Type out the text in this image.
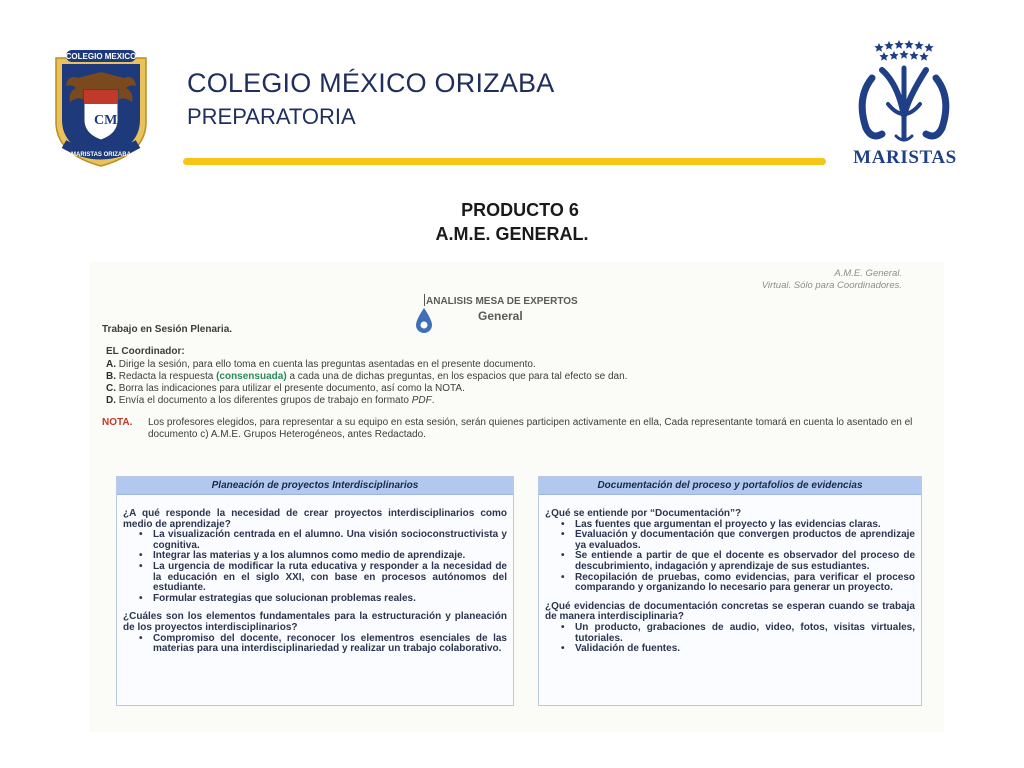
CM
COLEGIO MEXICO
MARISTAS ORIZABA
COLEGIO MÉXICO ORIZABA
PREPARATORIA
MARISTAS
PRODUCTO 6
A.M.E. GENERAL.
A.M.E. General.
Virtual. Sólo para Coordinadores.
ANALISIS MESA DE EXPERTOS
General
Trabajo en Sesión Plenaria.
EL Coordinador:
A. Dirige la sesión, para ello toma en cuenta las preguntas asentadas en el presente documento.
B. Redacta la respuesta (consensuada) a cada una de dichas preguntas, en los espacios que para tal efecto se dan.
C. Borra las indicaciones para utilizar el presente documento, así como la NOTA.
D. Envía el documento a los diferentes grupos de trabajo en formato PDF.
NOTA.	Los profesores elegidos, para representar a su equipo en esta sesión, serán quienes participen activamente en ella, Cada representante tomará en cuenta lo asentado en el documento c) A.M.E. Grupos Heterogéneos, antes Redactado.
Planeación de proyectos Interdisciplinarios
¿A qué responde la necesidad de crear proyectos interdisciplinarios como medio de aprendizaje?
• La visualización centrada en el alumno. Una visión socioconstructivista y cognitiva.
• Integrar las materias y a los alumnos como medio de aprendizaje.
• La urgencia de modificar la ruta educativa y responder a la necesidad de la educación en el siglo XXI, con base en procesos autónomos del estudiante.
• Formular estrategias que solucionan problemas reales.
¿Cuáles son los elementos fundamentales para la estructuración y planeación de los proyectos interdisciplinarios?
• Compromiso del docente, reconocer los elementros esenciales de las materias para una interdisciplinariedad y realizar un trabajo colaborativo.
Documentación del proceso y portafolios de evidencias
¿Qué se entiende por “Documentación”?
• Las fuentes que argumentan el proyecto y las evidencias claras.
• Evaluación y documentación que convergen productos de aprendizaje ya evaluados.
• Se entiende a partir de que el docente es observador del proceso de descubrimiento, indagación y aprendizaje de sus estudiantes.
• Recopilación de pruebas, como evidencias, para verificar el proceso comparando y organizando lo necesario para generar un proyecto.
¿Qué evidencias de documentación concretas se esperan cuando se trabaja de manera interdisciplinaria?
• Un producto, grabaciones de audio, video, fotos, visitas virtuales, tutoriales.
• Validación de fuentes.
